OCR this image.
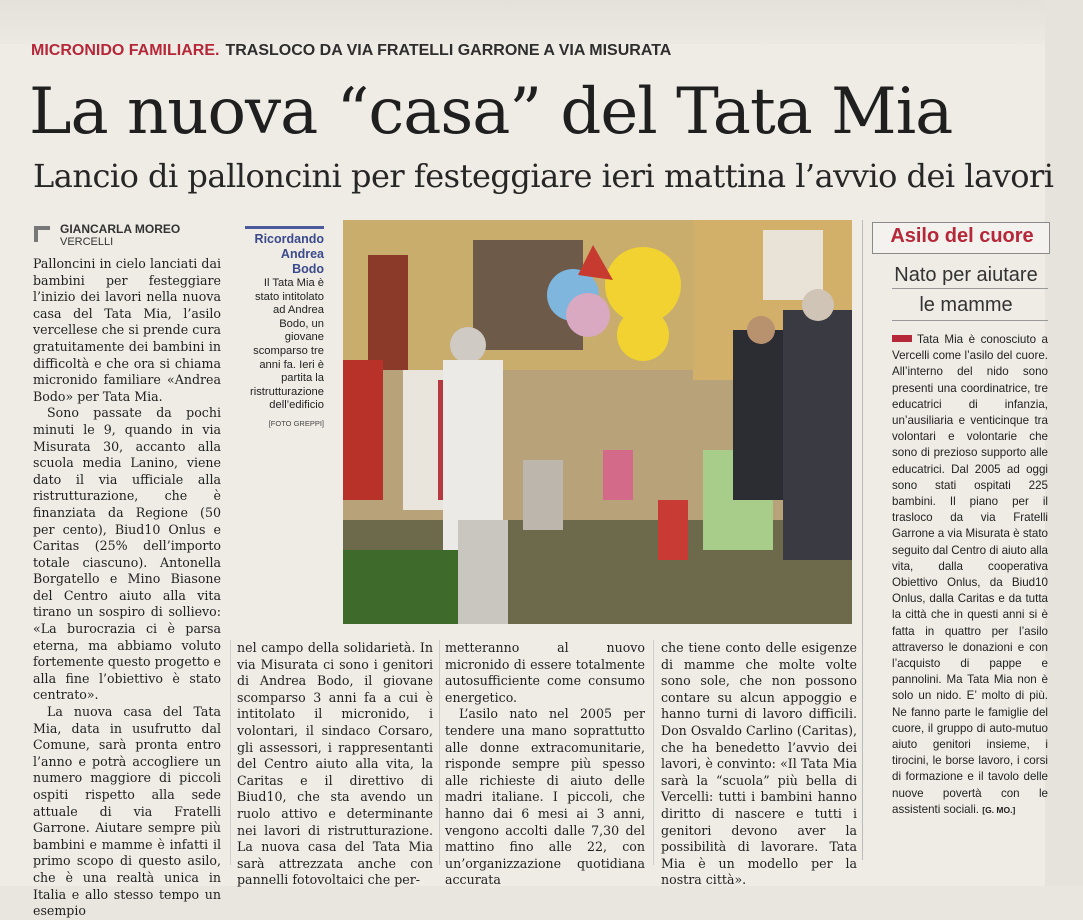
MICRONIDO FAMILIARE. TRASLOCO DA VIA FRATELLI GARRONE A VIA MISURATA
La nuova “casa” del Tata Mia
Lancio di palloncini per festeggiare ieri mattina l’avvio dei lavori
GIANCARLA MOREO
VERCELLI

Palloncini in cielo lanciati dai bambini per festeggiare l’inizio dei lavori nella nuova casa del Tata Mia, l’asilo vercellese che si prende cura gratuitamente dei bambini in difficoltà e che ora si chiama micronido familiare «Andrea Bodo» per Tata Mia.

Sono passate da pochi minuti le 9, quando in via Misurata 30, accanto alla scuola media Lanino, viene dato il via ufficiale alla ristrutturazione, che è finanziata da Regione (50 per cento), Biud10 Onlus e Caritas (25% dell’importo totale ciascuno). Antonella Borgatello e Mino Biasone del Centro aiuto alla vita tirano un sospiro di sollievo: «La burocrazia ci è parsa eterna, ma abbiamo voluto fortemente questo progetto e alla fine l’obiettivo è stato centrato».

La nuova casa del Tata Mia, data in usufrutto dal Comune, sarà pronta entro l’anno e potrà accogliere un numero maggiore di piccoli ospiti rispetto alla sede attuale di via Fratelli Garrone. Aiutare sempre più bambini e mamme è infatti il primo scopo di questo asilo, che è una realtà unica in Italia e allo stesso tempo un esempio

Ricordando Andrea Bodo
Il Tata Mia è stato intitolato ad Andrea Bodo, un giovane scomparso tre anni fa. Ieri è partita la ristrutturazione dell’edificio
[FOTO GREPPI]

nel campo della solidarietà. In via Misurata ci sono i genitori di Andrea Bodo, il giovane scomparso 3 anni fa a cui è intitolato il micronido, i volontari, il sindaco Corsaro, gli assessori, i rappresentanti del Centro aiuto alla vita, la Caritas e il direttivo di Biud10, che sta avendo un ruolo attivo e determinante nei lavori di ristrutturazione. La nuova casa del Tata Mia sarà attrezzata anche con pannelli fotovoltaici che per-

metteranno al nuovo micronido di essere totalmente autosufficiente come consumo energetico.

L’asilo nato nel 2005 per tendere una mano soprattutto alle donne extracomunitarie, risponde sempre più spesso alle richieste di aiuto delle madri italiane. I piccoli, che hanno dai 6 mesi ai 3 anni, vengono accolti dalle 7,30 del mattino fino alle 22, con un’organizzazione quotidiana accurata

che tiene conto delle esigenze di mamme che molte volte sono sole, che non possono contare su alcun appoggio e hanno turni di lavoro difficili. Don Osvaldo Carlino (Caritas), che ha benedetto l’avvio dei lavori, è convinto: «Il Tata Mia sarà la “scuola” più bella di Vercelli: tutti i bambini hanno diritto di nascere e tutti i genitori devono aver la possibilità di lavorare. Tata Mia è un modello per la nostra città».

Asilo del cuore
Nato per aiutare le mamme
Tata Mia è conosciuto a Vercelli come l’asilo del cuore. All’interno del nido sono presenti una coordinatrice, tre educatrici di infanzia, un’ausiliaria e venticinque tra volontari e volontarie che sono di prezioso supporto alle educatrici. Dal 2005 ad oggi sono stati ospitati 225 bambini. Il piano per il trasloco da via Fratelli Garrone a via Misurata è stato seguito dal Centro di aiuto alla vita, dalla cooperativa Obiettivo Onlus, da Biud10 Onlus, dalla Caritas e da tutta la città che in questi anni si è fatta in quattro per l’asilo attraverso le donazioni e con l’acquisto di pappe e pannolini. Ma Tata Mia non è solo un nido. E’ molto di più. Ne fanno parte le famiglie del cuore, il gruppo di auto-mutuo aiuto genitori insieme, i tirocini, le borse lavoro, i corsi di formazione e il tavolo delle nuove povertà con le assistenti sociali. [G. MO.]
